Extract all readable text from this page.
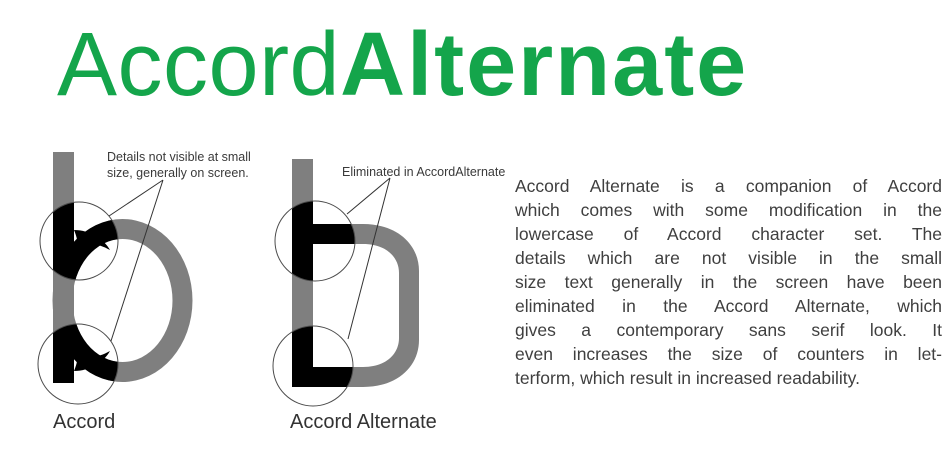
AccordAlternate
Details not visible at small
size, generally on screen.
Accord
Eliminated in AccordAlternate
Accord Alternate
Accord Alternate is a companion of Accord
which comes with some modification in the
lowercase of Accord character set. The
details which are not visible in the small
size text generally in the screen have been
eliminated in the Accord Alternate, which
gives a contemporary sans serif look. It
even increases the size of counters in let-
terform, which result in increased readability.
